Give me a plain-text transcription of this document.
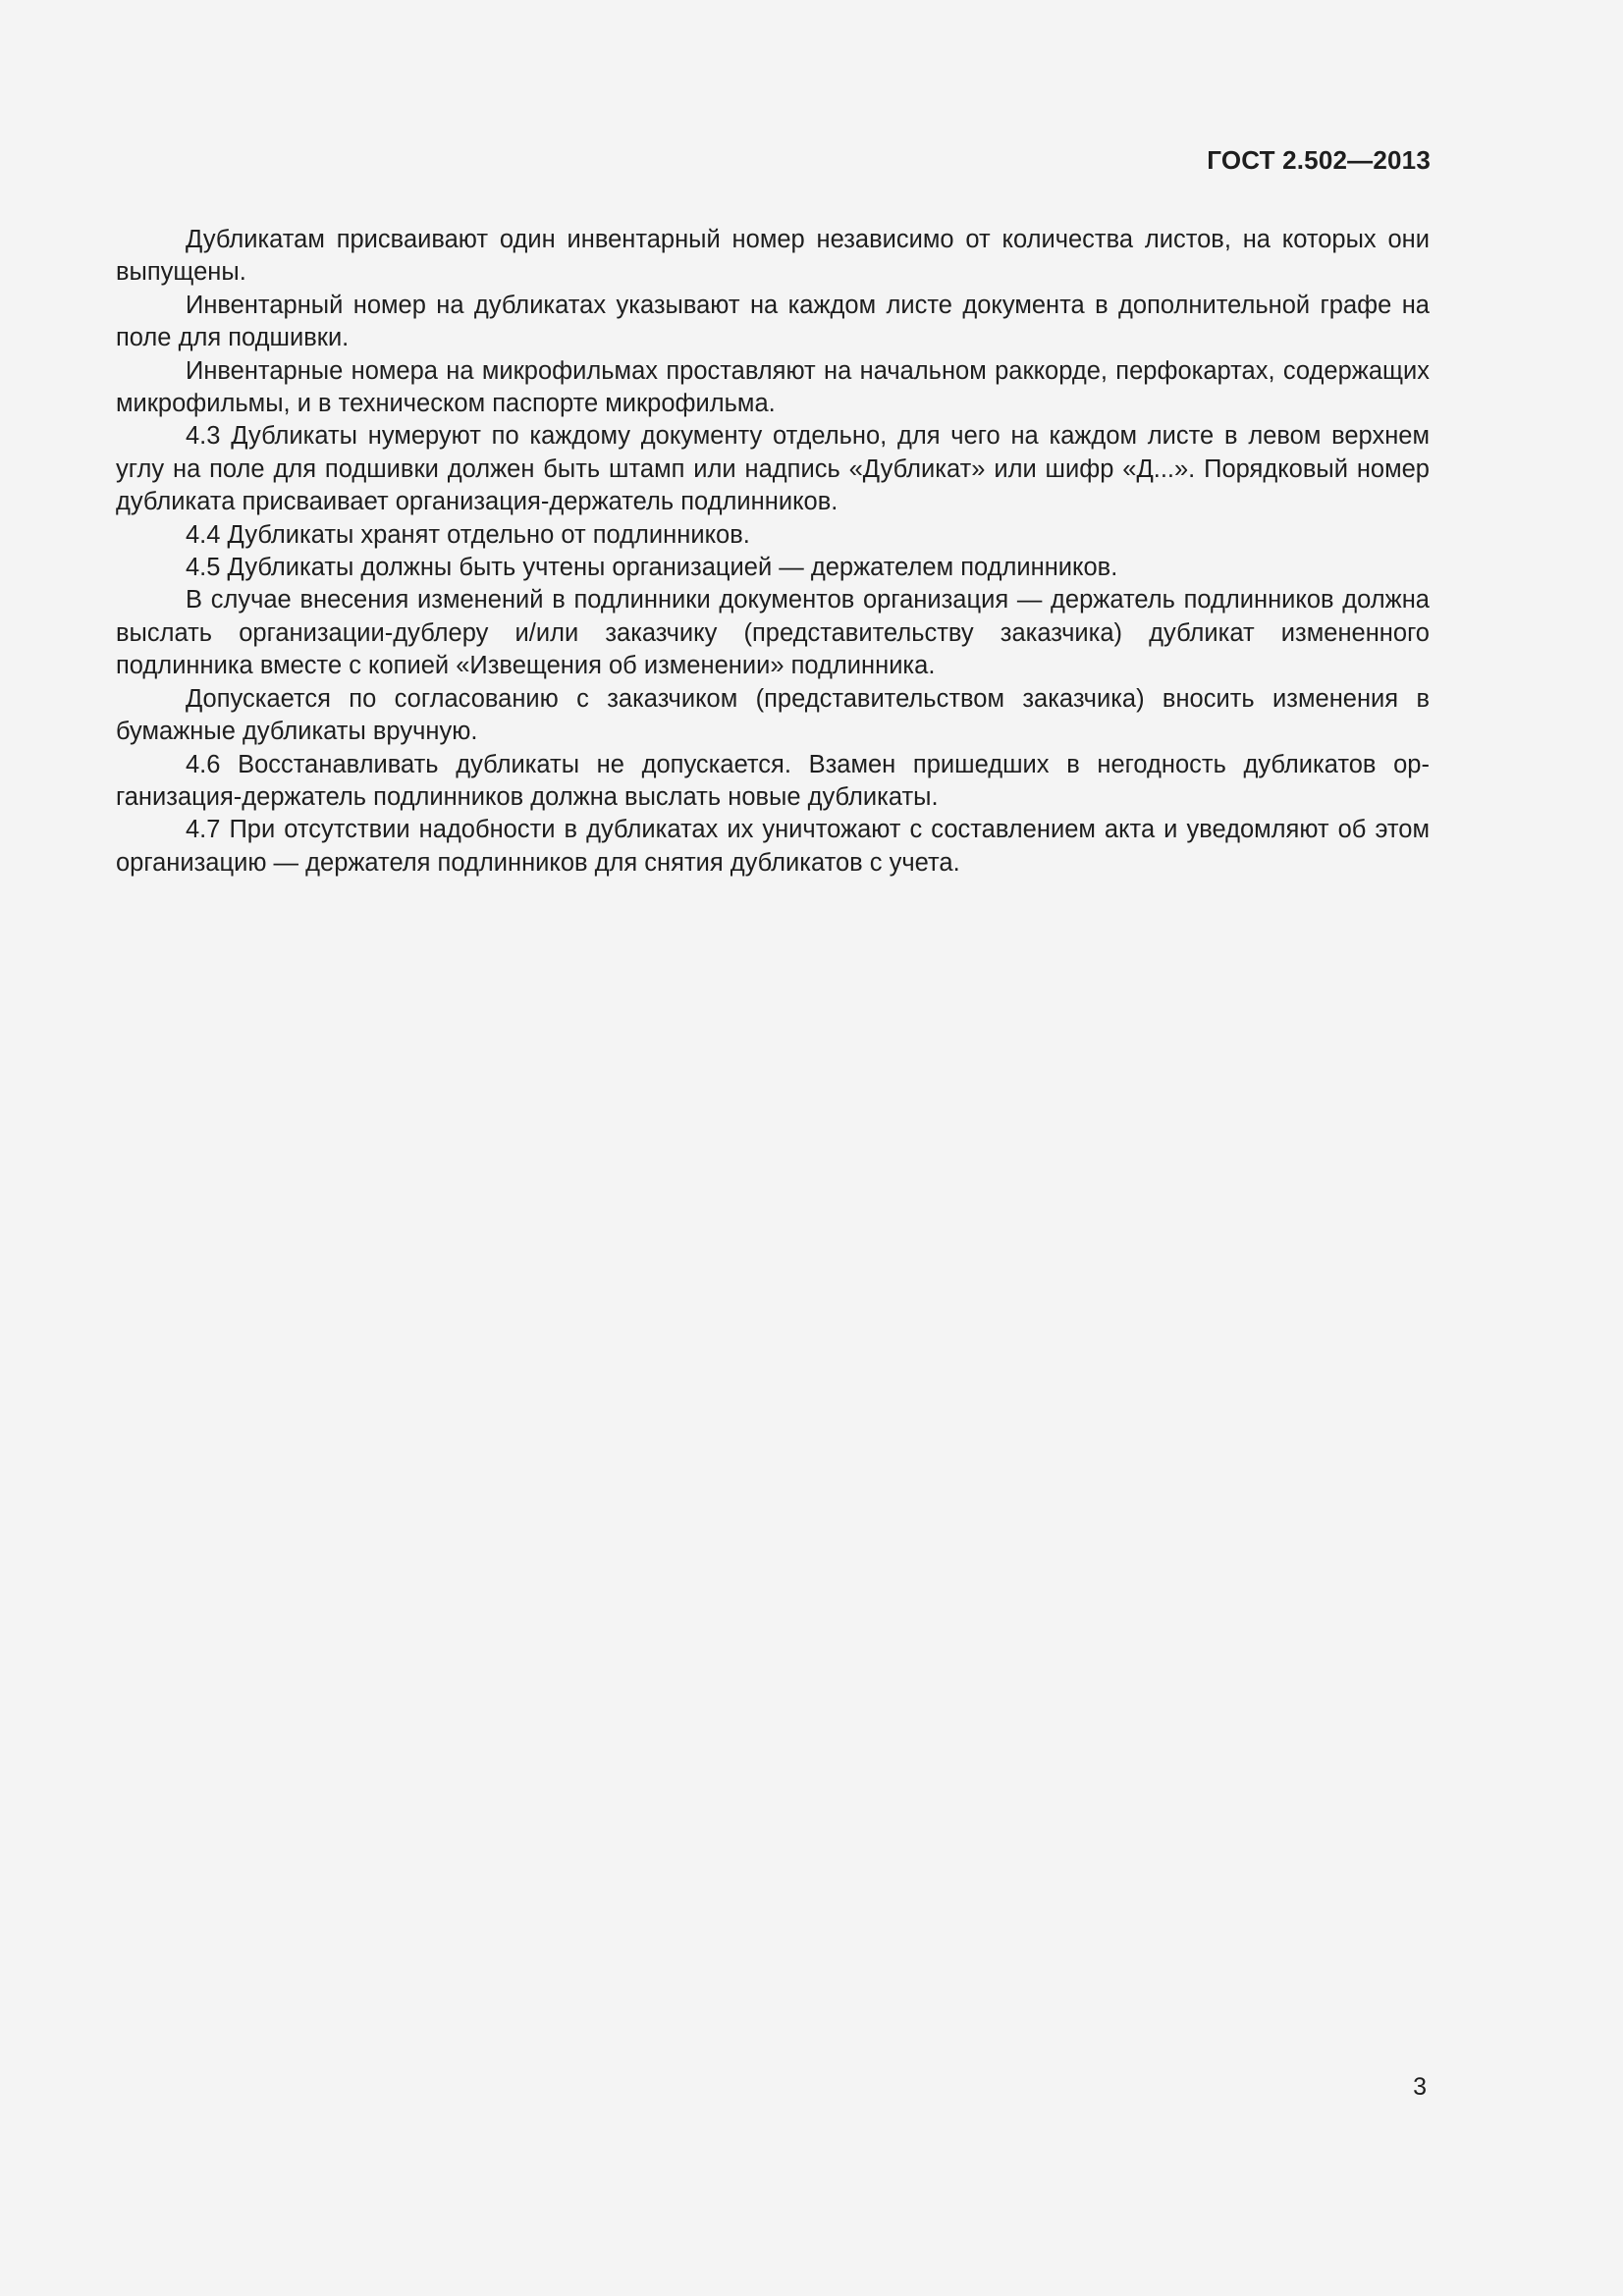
ГОСТ 2.502—2013

Дубликатам присваивают один инвентарный номер независимо от количества листов, на которых они выпущены.

Инвентарный номер на дубликатах указывают на каждом листе документа в дополнительной графе на поле для подшивки.

Инвентарные номера на микрофильмах проставляют на начальном раккорде, перфокартах, содержащих микрофильмы, и в техническом паспорте микрофильма.

4.3 Дубликаты нумеруют по каждому документу отдельно, для чего на каждом листе в левом верхнем углу на поле для подшивки должен быть штамп или надпись «Дубликат» или шифр «Д...». Порядковый номер дубликата присваивает организация-держатель подлинников.

4.4 Дубликаты хранят отдельно от подлинников.

4.5 Дубликаты должны быть учтены организацией — держателем подлинников.

В случае внесения изменений в подлинники документов организация — держатель подлинников должна выслать организации-дублеру и/или заказчику (представительству заказчика) дубликат измененного подлинника вместе с копией «Извещения об изменении» подлинника.

Допускается по согласованию с заказчиком (представительством заказчика) вносить изменения в бумажные дубликаты вручную.

4.6 Восстанавливать дубликаты не допускается. Взамен пришедших в негодность дубликатов организация-держатель подлинников должна выслать новые дубликаты.

4.7 При отсутствии надобности в дубликатах их уничтожают с составлением акта и уведомляют об этом организацию — держателя подлинников для снятия дубликатов с учета.

3
